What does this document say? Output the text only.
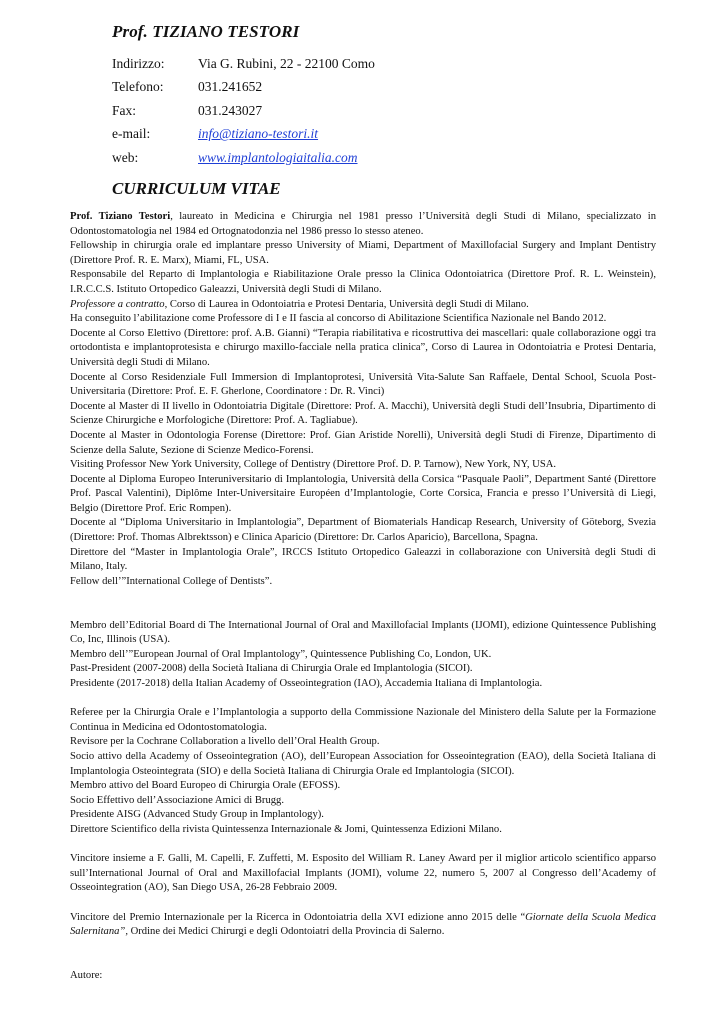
Prof. TIZIANO TESTORI
Indirizzo: Via G. Rubini, 22 - 22100 Como
Telefono:	031.241652
Fax:	031.243027
e-mail:	info@tiziano-testori.it
web:	www.implantologiaitalia.com
CURRICULUM VITAE

Prof. Tiziano Testori, laureato in Medicina e Chirurgia nel 1981 presso l’Università degli Studi di Milano, specializzato in Odontostomatologia nel 1984 ed Ortognatodonzia nel 1986 presso lo stesso ateneo.

Fellowship in chirurgia orale ed implantare presso University of Miami, Department of Maxillofacial Surgery and Implant Dentistry (Direttore Prof. R. E. Marx), Miami, FL, USA.

Responsabile del Reparto di Implantologia e Riabilitazione Orale presso la Clinica Odontoiatrica (Direttore Prof. R. L. Weinstein), I.R.C.C.S. Istituto Ortopedico Galeazzi, Università degli Studi di Milano.

Professore a contratto, Corso di Laurea in Odontoiatria e Protesi Dentaria, Università degli Studi di Milano.

Ha conseguito l’abilitazione come Professore di I e II fascia al concorso di Abilitazione Scientifica Nazionale nel Bando 2012.

Docente al Corso Elettivo (Direttore: prof. A.B. Gianni) “Terapia riabilitativa e ricostruttiva dei mascellari: quale collaborazione oggi tra ortodontista e implantoprotesista e chirurgo maxillo-facciale nella pratica clinica”, Corso di Laurea in Odontoiatria e Protesi Dentaria, Università degli Studi di Milano.

Docente al Corso Residenziale Full Immersion di Implantoprotesi, Università Vita-Salute San Raffaele, Dental School, Scuola Post-Universitaria (Direttore: Prof. E. F. Gherlone, Coordinatore : Dr. R. Vinci)

Docente al Master di II livello in Odontoiatria Digitale (Direttore: Prof. A. Macchi), Università degli Studi dell’Insubria, Dipartimento di Scienze Chirurgiche e Morfologiche (Direttore: Prof. A. Tagliabue).

Docente al Master in Odontologia Forense (Direttore: Prof. Gian Aristide Norelli), Università degli Studi di Firenze, Dipartimento di Scienze della Salute, Sezione di Scienze Medico-Forensi.

Visiting Professor New York University, College of Dentistry (Direttore Prof. D. P. Tarnow), New York, NY, USA.

Docente al Diploma Europeo Interuniversitario di Implantologia, Università della Corsica “Pasquale Paoli”, Department Santé (Direttore Prof. Pascal Valentini), Diplôme Inter-Universitaire Européen d’Implantologie, Corte Corsica, Francia e presso l’Università di Liegi, Belgio (Direttore Prof. Eric Rompen).

Docente al “Diploma Universitario in Implantologia”, Department of Biomaterials Handicap Research, University of Göteborg, Svezia (Direttore: Prof. Thomas Albrektsson) e Clinica Aparicio (Direttore: Dr. Carlos Aparicio), Barcellona, Spagna.

Direttore del “Master in Implantologia Orale”, IRCCS Istituto Ortopedico Galeazzi in collaborazione con Università degli Studi di Milano, Italy.

Fellow dell’”International College of Dentists”.

Membro dell’Editorial Board di The International Journal of Oral and Maxillofacial Implants (IJOMI), edizione Quintessence Publishing Co, Inc, Illinois (USA).

Membro dell’”European Journal of Oral Implantology”, Quintessence Publishing Co, London, UK.

Past-President (2007-2008) della Società Italiana di Chirurgia Orale ed Implantologia (SICOI).

Presidente (2017-2018) della Italian Academy of Osseointegration (IAO), Accademia Italiana di Implantologia.

Referee per la Chirurgia Orale e l’Implantologia a supporto della Commissione Nazionale del Ministero della Salute per la Formazione Continua in Medicina ed Odontostomatologia.

Revisore per la Cochrane Collaboration a livello dell’Oral Health Group.

Socio attivo della Academy of Osseointegration (AO), dell’European Association for Osseointegration (EAO), della Società Italiana di Implantologia Osteointegrata (SIO) e della Società Italiana di Chirurgia Orale ed Implantologia (SICOI).

Membro attivo del Board Europeo di Chirurgia Orale (EFOSS).

Socio Effettivo dell’Associazione Amici di Brugg.

Presidente AISG (Advanced Study Group in Implantology).

Direttore Scientifico della rivista Quintessenza Internazionale & Jomi, Quintessenza Edizioni Milano.

Vincitore insieme a F. Galli, M. Capelli, F. Zuffetti, M. Esposito del William R. Laney Award per il miglior articolo scientifico apparso sull’International Journal of Oral and Maxillofacial Implants (JOMI), volume 22, numero 5, 2007 al Congresso dell’Academy of Osseointegration (AO), San Diego USA, 26-28 Febbraio 2009.

Vincitore del Premio Internazionale per la Ricerca in Odontoiatria della XVI edizione anno 2015 delle “Giornate della Scuola Medica Salernitana”, Ordine dei Medici Chirurgi e degli Odontoiatri della Provincia di Salerno.

Autore:
